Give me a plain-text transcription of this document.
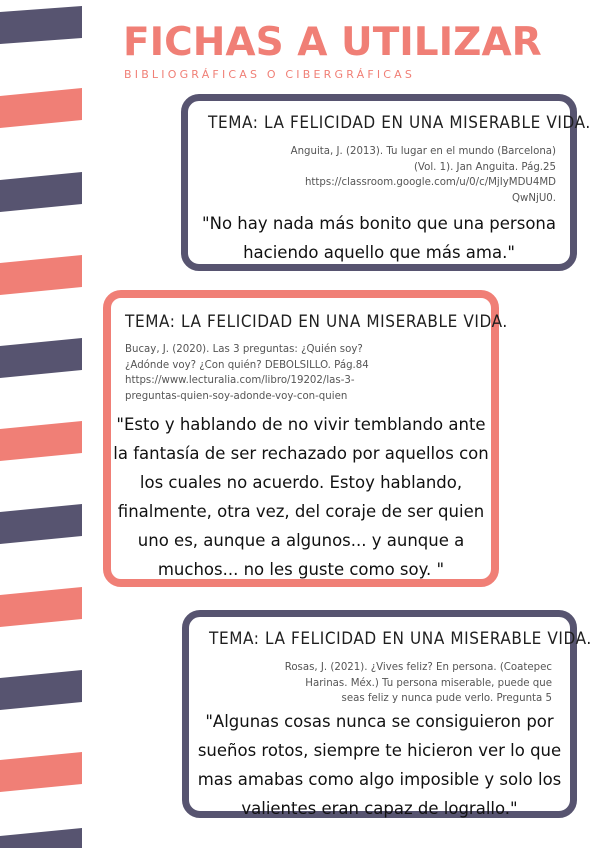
FICHAS A UTILIZAR
BIBLIOGRÁFICAS O CIBERGRÁFICAS
TEMA: LA FELICIDAD EN UNA MISERABLE VIDA.
Anguita, J. (2013). Tu lugar en el mundo (Barcelona)
(Vol. 1). Jan Anguita. Pág.25
https://classroom.google.com/u/0/c/MjIyMDU4MD
QwNjU0.
"No hay nada más bonito que una persona
haciendo aquello que más ama."
TEMA: LA FELICIDAD EN UNA MISERABLE VIDA.
Bucay, J. (2020). Las 3 preguntas: ¿Quién soy?
¿Adónde voy? ¿Con quién? DEBOLSILLO. Pág.84
https://www.lecturalia.com/libro/19202/las-3-
preguntas-quien-soy-adonde-voy-con-quien
"Esto y hablando de no vivir temblando ante
la fantasía de ser rechazado por aquellos con
los cuales no acuerdo. Estoy hablando,
finalmente, otra vez, del coraje de ser quien
uno es, aunque a algunos... y aunque a
muchos... no les guste como soy. "
TEMA: LA FELICIDAD EN UNA MISERABLE VIDA.
Rosas, J. (2021). ¿Vives feliz? En persona. (Coatepec
Harinas. Méx.) Tu persona miserable, puede que
seas feliz y nunca pude verlo. Pregunta 5
"Algunas cosas nunca se consiguieron por
sueños rotos, siempre te hicieron ver lo que
mas amabas como algo imposible y solo los
valientes eran capaz de lograllo."
